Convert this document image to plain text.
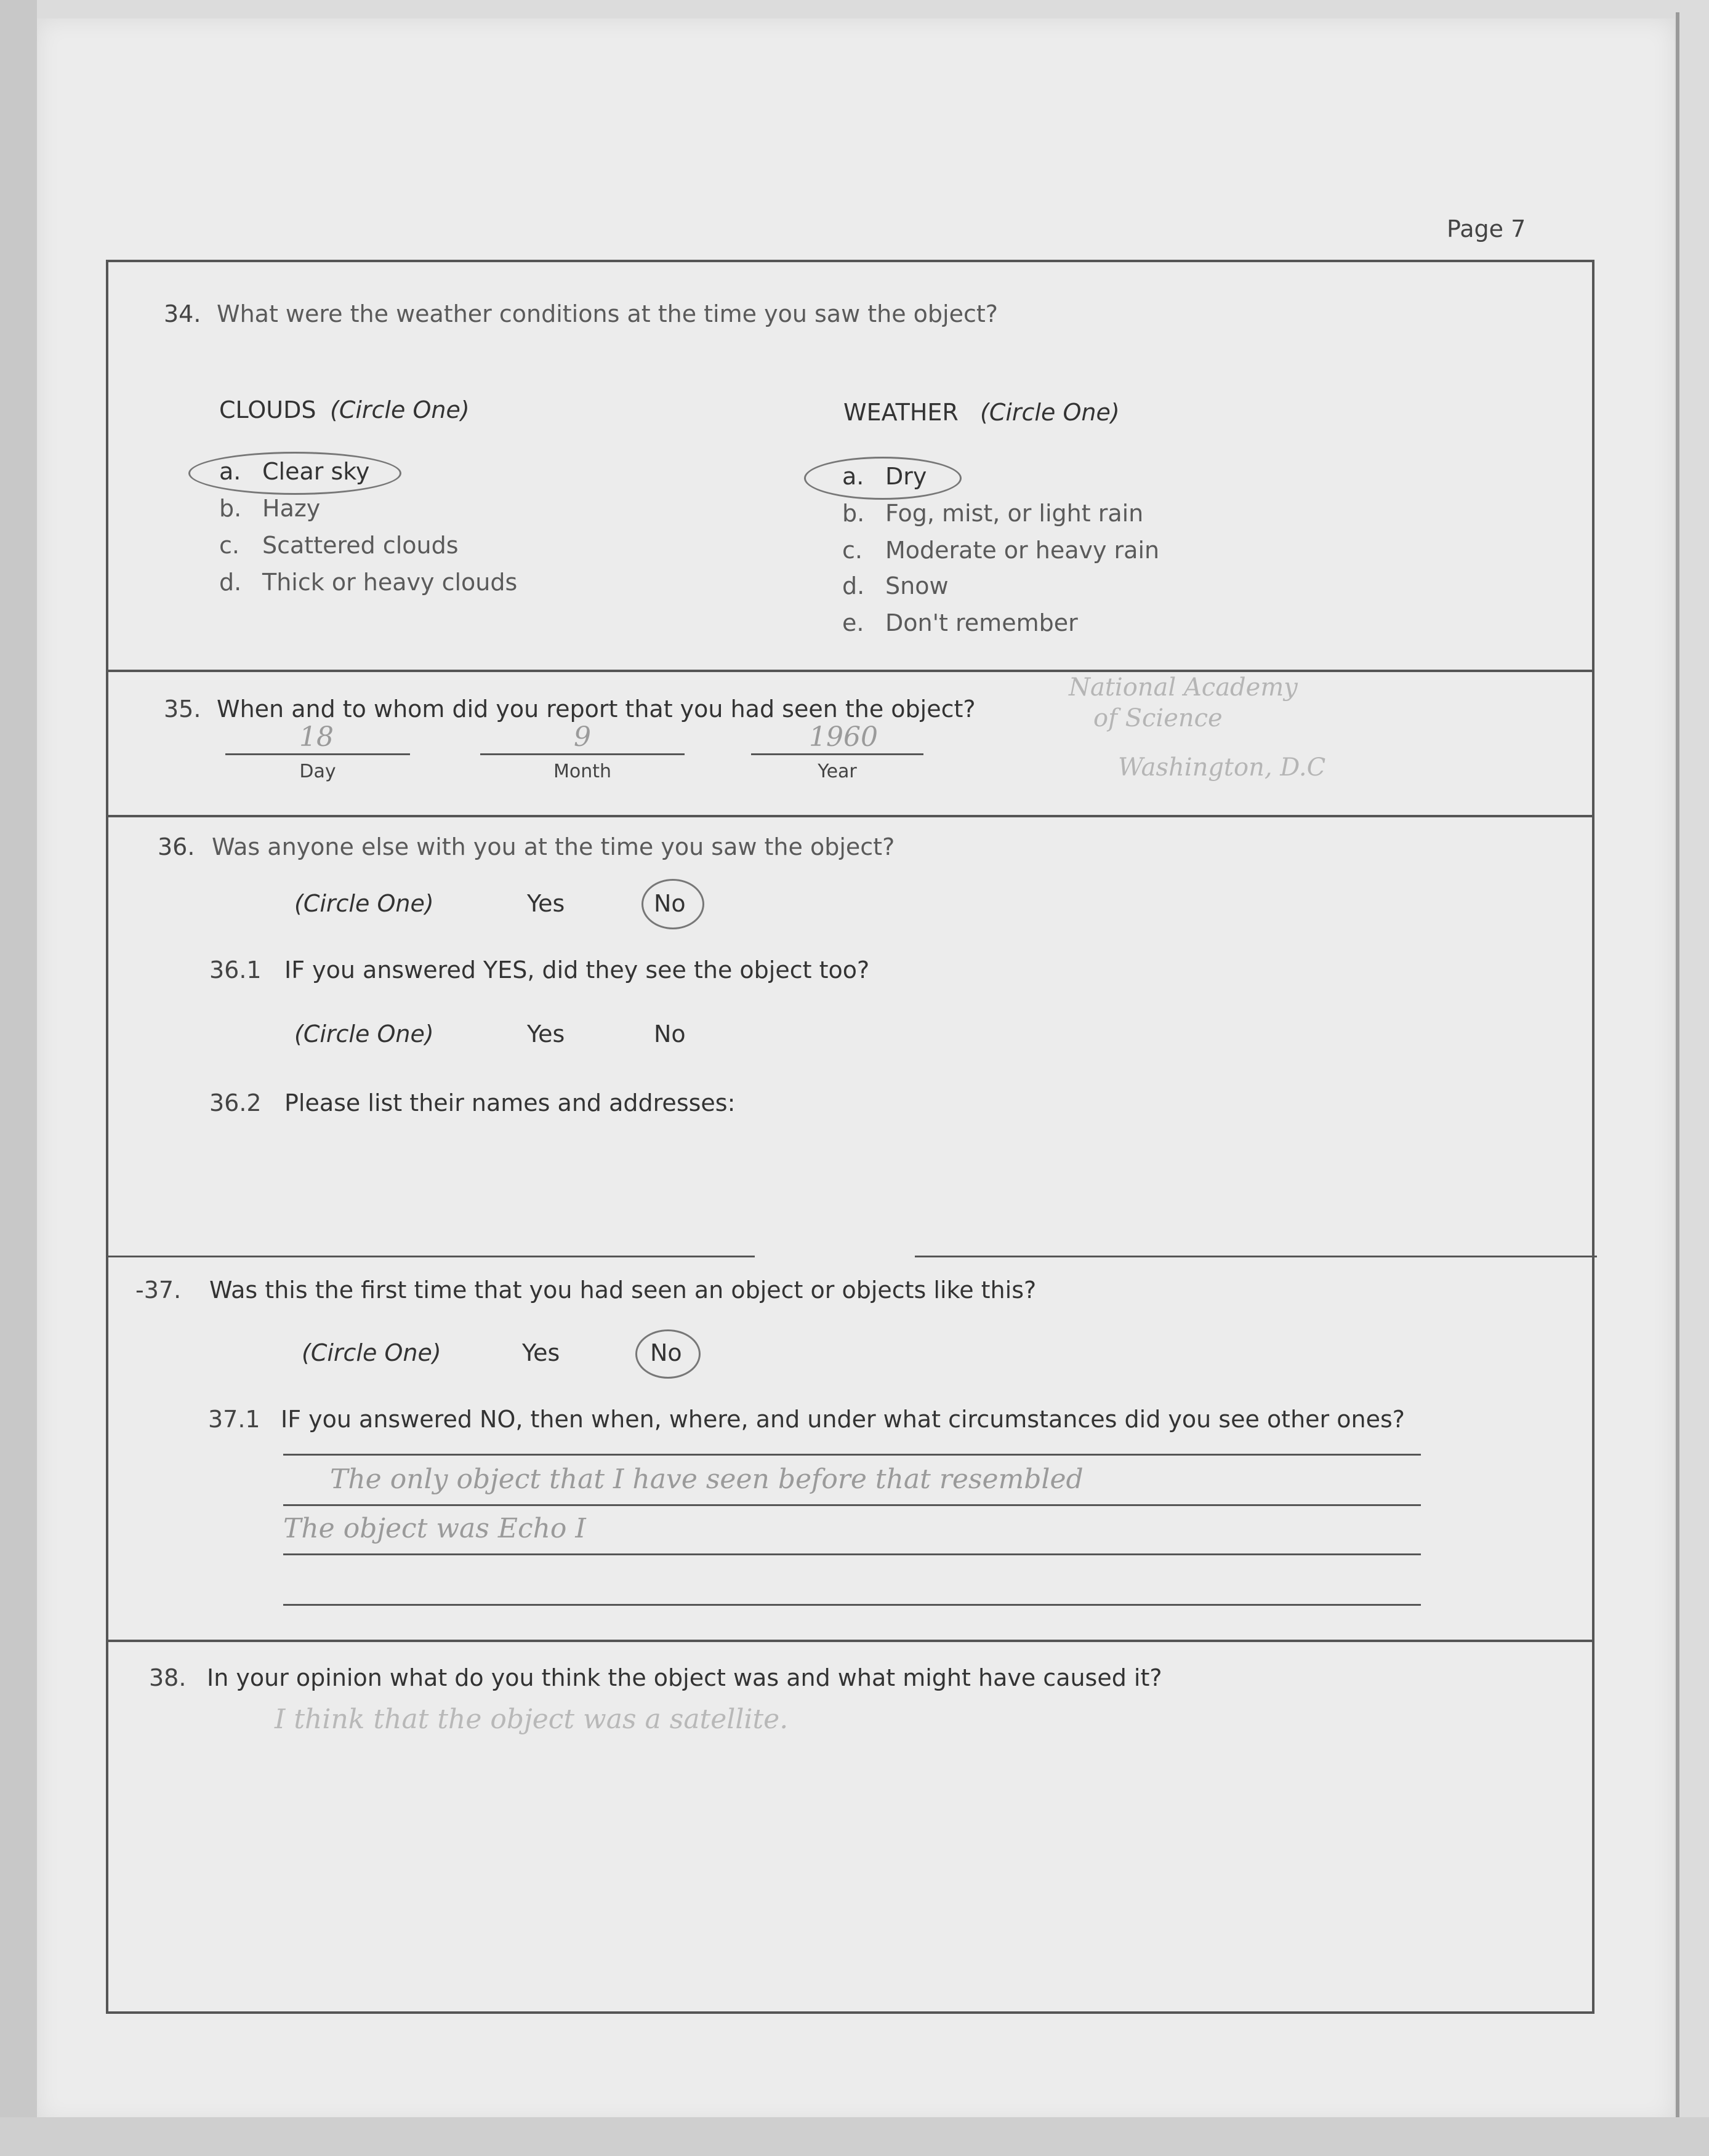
Page 7
34. What were the weather conditions at the time you saw the object?
CLOUDS (Circle One)
a. Clear sky
b. Hazy
c. Scattered clouds
d. Thick or heavy clouds
WEATHER (Circle One)
a. Dry
b. Fog, mist, or light rain
c. Moderate or heavy rain
d. Snow
e. Don't remember
35. When and to whom did you report that you had seen the object?
18
Day
9
Month
1960
Year
National Academy
of Science
Washington, D.C
36. Was anyone else with you at the time you saw the object?
(Circle One)	Yes	No
36.1 IF you answered YES, did they see the object too?
(Circle One)	Yes	No
36.2 Please list their names and addresses:
-37. Was this the first time that you had seen an object or objects like this?
(Circle One)	Yes	No
37.1 IF you answered NO, then when, where, and under what circumstances did you see other ones?
The only object that I have seen before that resembled
The object was Echo I
38. In your opinion what do you think the object was and what might have caused it?
I think that the object was a satellite.
